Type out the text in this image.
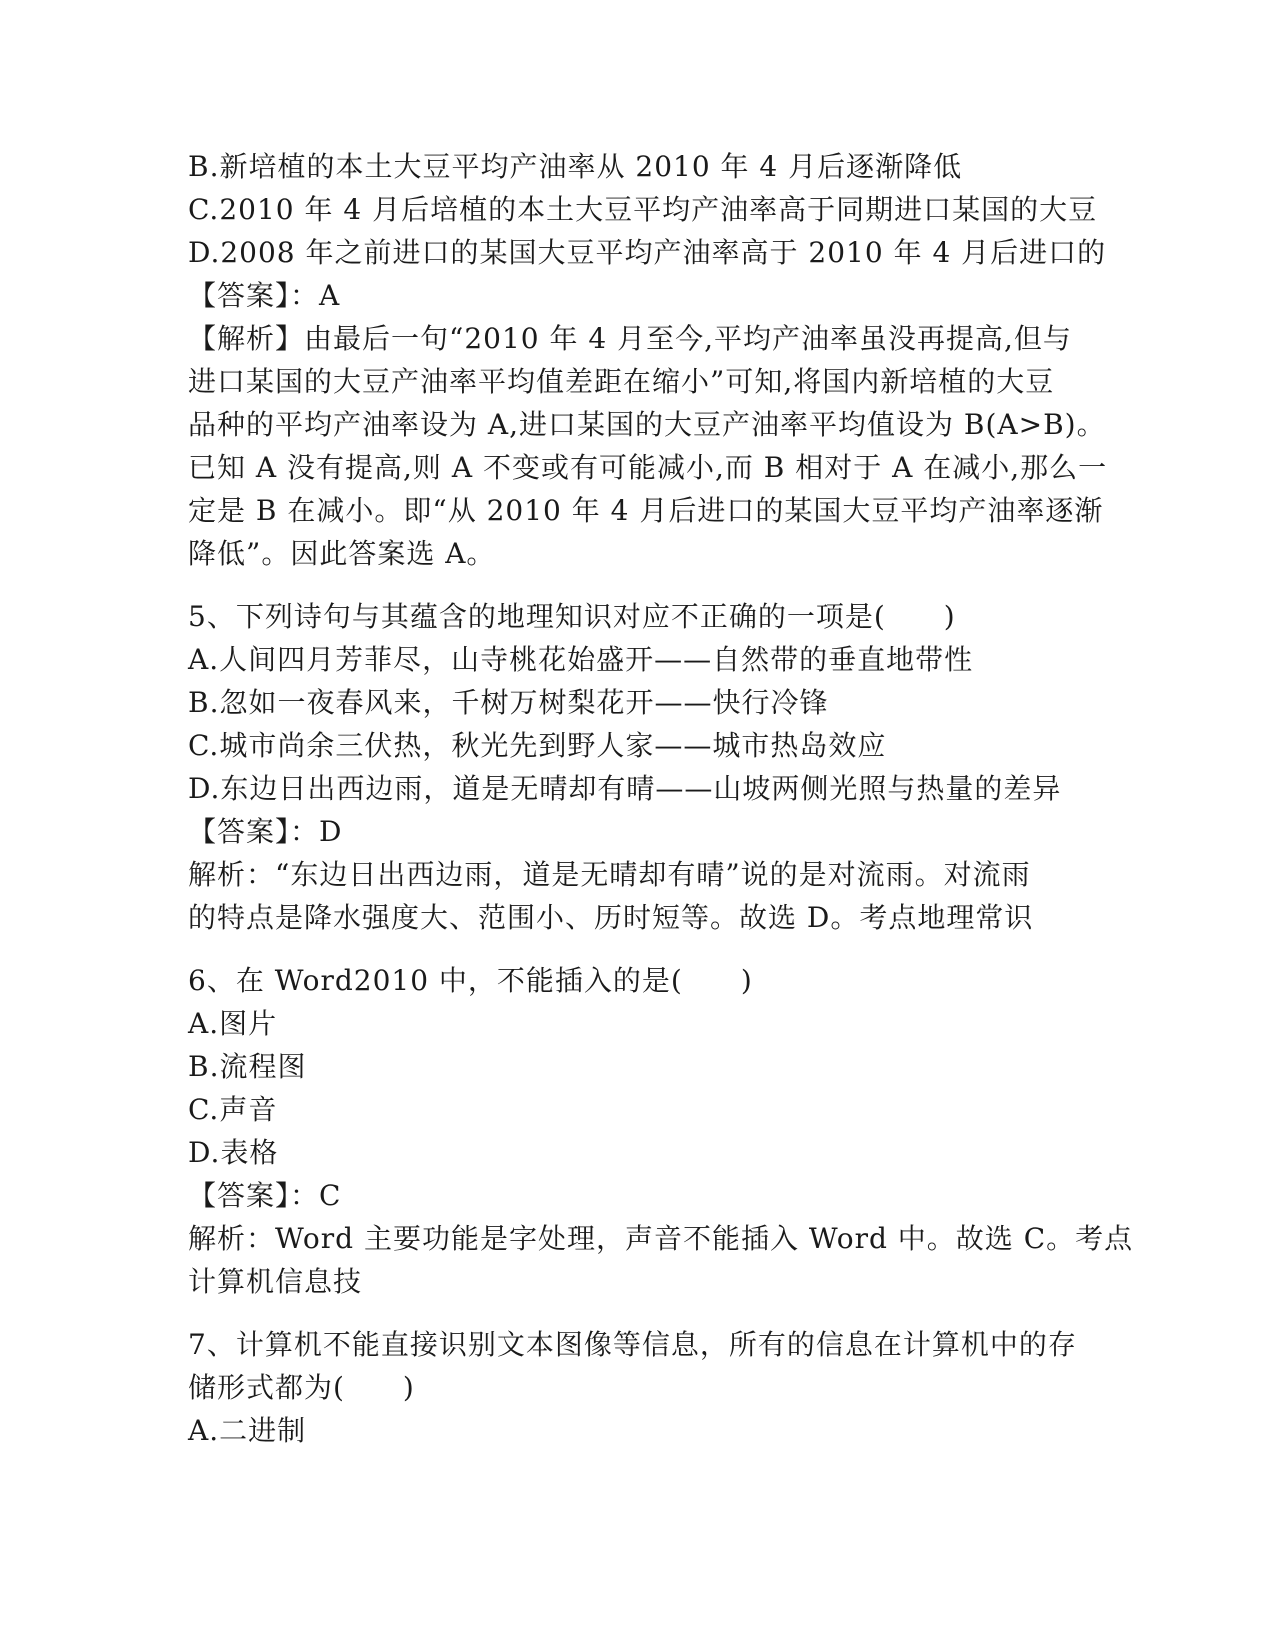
B.新培植的本土大豆平均产油率从 2010 年 4 月后逐渐降低
C.2010 年 4 月后培植的本土大豆平均产油率高于同期进口某国的大豆
D.2008 年之前进口的某国大豆平均产油率高于 2010 年 4 月后进口的
【答案】：A
【解析】由最后一句“2010 年 4 月至今,平均产油率虽没再提高,但与
进口某国的大豆产油率平均值差距在缩小”可知,将国内新培植的大豆
品种的平均产油率设为 A,进口某国的大豆产油率平均值设为 B(A>B)。
已知 A 没有提高,则 A 不变或有可能减小,而 B 相对于 A 在减小,那么一
定是 B 在减小。即“从 2010 年 4 月后进口的某国大豆平均产油率逐渐
降低”。因此答案选 A。
5、下列诗句与其蕴含的地理知识对应不正确的一项是(　　)
A.人间四月芳菲尽，山寺桃花始盛开——自然带的垂直地带性
B.忽如一夜春风来，千树万树梨花开——快行冷锋
C.城市尚余三伏热，秋光先到野人家——城市热岛效应
D.东边日出西边雨，道是无晴却有晴——山坡两侧光照与热量的差异
【答案】：D
解析：“东边日出西边雨，道是无晴却有晴”说的是对流雨。对流雨
的特点是降水强度大、范围小、历时短等。故选 D。考点地理常识
6、在 Word2010 中，不能插入的是(　　)
A.图片
B.流程图
C.声音
D.表格
【答案】：C
解析：Word 主要功能是字处理，声音不能插入 Word 中。故选 C。考点
计算机信息技
7、计算机不能直接识别文本图像等信息，所有的信息在计算机中的存
储形式都为(　　)
A.二进制
